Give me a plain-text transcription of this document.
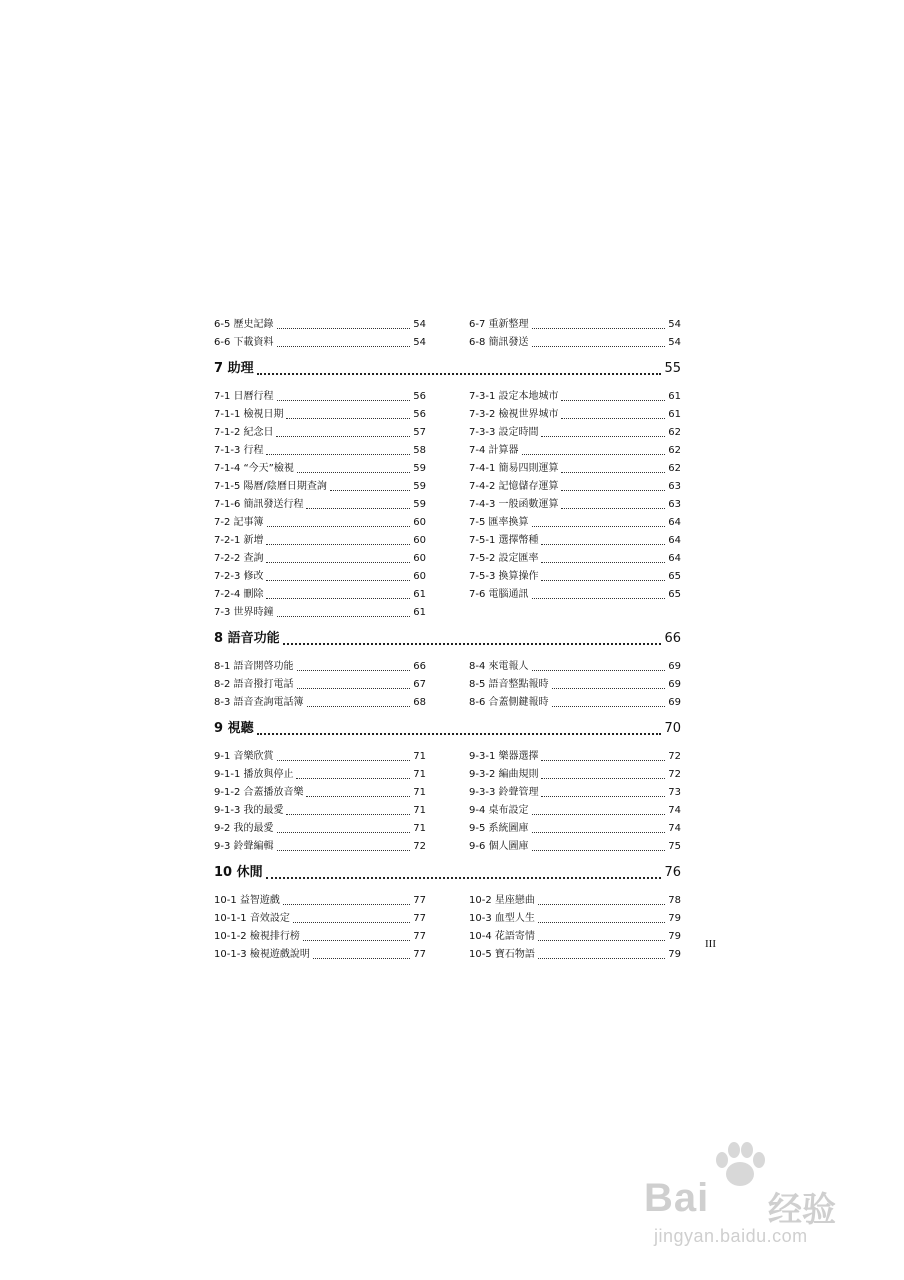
6-5 歷史記錄	54
6-6 下載資料	54
6-7 重新整理	54
6-8 簡訊發送	54
7 助理	55
7-1 日曆行程	56
7-1-1 檢視日期	56
7-1-2 紀念日	57
7-1-3 行程	58
7-1-4 “今天”檢視	59
7-1-5 陽曆/陰曆日期查詢	59
7-1-6 簡訊發送行程	59
7-2 記事簿	60
7-2-1 新增	60
7-2-2 查詢	60
7-2-3 修改	60
7-2-4 刪除	61
7-3 世界時鐘	61
7-3-1 設定本地城市	61
7-3-2 檢視世界城市	61
7-3-3 設定時間	62
7-4 計算器	62
7-4-1 簡易四則運算	62
7-4-2 記憶儲存運算	63
7-4-3 一般函數運算	63
7-5 匯率換算	64
7-5-1 選擇幣種	64
7-5-2 設定匯率	64
7-5-3 換算操作	65
7-6 電腦通訊	65
8 語音功能	66
8-1 語音開啓功能	66
8-2 語音撥打電話	67
8-3 語音查詢電話簿	68
8-4 來電報人	69
8-5 語音整點報時	69
8-6 合蓋側鍵報時	69
9 視聽	70
9-1 音樂欣賞	71
9-1-1 播放與停止	71
9-1-2 合蓋播放音樂	71
9-1-3 我的最愛	71
9-2 我的最愛	71
9-3 鈴聲編輯	72
9-3-1 樂器選擇	72
9-3-2 編曲規則	72
9-3-3 鈴聲管理	73
9-4 桌布設定	74
9-5 系統圖庫	74
9-6 個人圖庫	75
10 休閒	76
10-1 益智遊戲	77
10-1-1 音效設定	77
10-1-2 檢視排行榜	77
10-1-3 檢視遊戲說明	77
10-2 星座戀曲	78
10-3 血型人生	79
10-4 花語寄情	79
10-5 寶石物語	79
III
Bai 经验
jingyan.baidu.com
